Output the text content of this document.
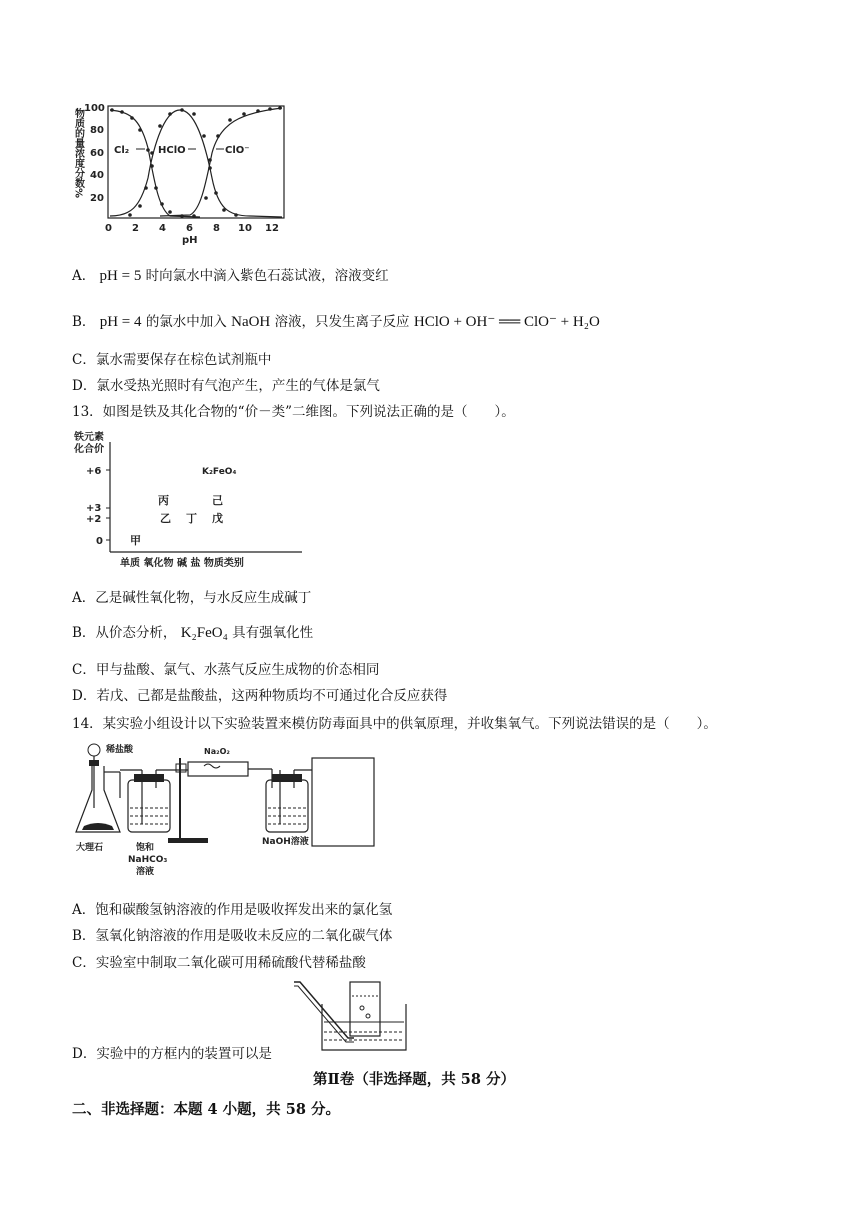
物质的量浓度分数%
20
40
60
80
100
0 2 4 6 8 10 12
pH
Cl₂	HClO	ClO⁻
A． pH = 5 时向氯水中滴入紫色石蕊试液，溶液变红
B． pH = 4 的氯水中加入 NaOH 溶液，只发生离子反应 HClO + OH⁻ ══ ClO⁻ + H₂O
C．氯水需要保存在棕色试剂瓶中
D．氯水受热光照时有气泡产生，产生的气体是氯气
13．如图是铁及其化合物的“价－类”二维图。下列说法正确的是（　　）。
铁元素
化合价
+6
+3
+2
0
单质 氧化物 碱 盐 物质类别
K₂FeO₄
丙	己
乙 丁 戊
甲
A．乙是碱性氧化物，与水反应生成碱丁
B．从价态分析， K₂FeO₄ 具有强氧化性
C．甲与盐酸、氯气、水蒸气反应生成物的价态相同
D．若戊、己都是盐酸盐，这两种物质均不可通过化合反应获得
14．某实验小组设计以下实验装置来模仿防毒面具中的供氧原理，并收集氧气。下列说法错误的是（　　）。
稀盐酸	Na₂O₂
大理石	饱和
NaHCO₃
溶液
NaOH溶液
A．饱和碳酸氢钠溶液的作用是吸收挥发出来的氯化氢
B．氢氧化钠溶液的作用是吸收未反应的二氧化碳气体
C．实验室中制取二氧化碳可用稀硫酸代替稀盐酸
D．实验中的方框内的装置可以是
第Ⅱ卷（非选择题，共 58 分）
二、非选择题：本题 4 小题，共 58 分。
